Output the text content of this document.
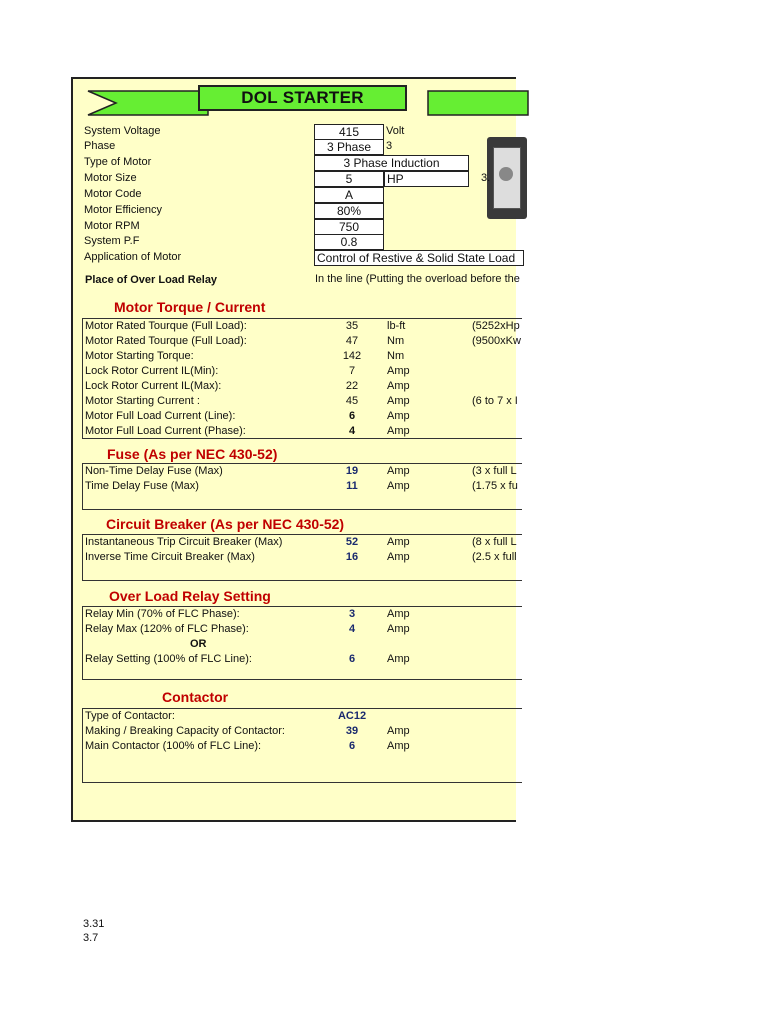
DOL STARTER
System Voltage	415	Volt
Phase	3 Phase	3
Type of Motor	3 Phase Induction
Motor Size	5	HP
Motor Code	A
Motor Efficiency	80%
Motor RPM	750
System P.F	0.8
Application of Motor	Control of Restive & Solid State Load
3.
Place of Over Load Relay	In the line (Putting the overload before the
Motor Torque / Current
Motor Rated Tourque (Full Load):	35	lb-ft	(5252xHp
Motor Rated Tourque (Full Load):	47	Nm	(9500xKw
Motor Starting Torque:	142	Nm
Lock Rotor Current IL(Min):	7	Amp
Lock Rotor Current IL(Max):	22	Amp
Motor Starting Current :	45	Amp	(6 to 7 x I
Motor Full Load Current (Line):	6	Amp
Motor Full Load Current (Phase):	4	Amp
Fuse (As per NEC 430-52)
Non-Time Delay Fuse (Max)	19	Amp	(3 x full L
Time Delay Fuse (Max)	11	Amp	(1.75 x fu
Circuit Breaker (As per NEC 430-52)
Instantaneous Trip Circuit Breaker (Max)	52	Amp	(8 x full L
Inverse Time Circuit Breaker (Max)	16	Amp	(2.5 x full
Over Load Relay Setting
Relay Min (70% of FLC Phase):	3	Amp
Relay Max (120% of FLC Phase):	4	Amp
OR
Relay Setting (100% of FLC Line):	6	Amp
Contactor
Type of Contactor:	AC12
Making / Breaking Capacity of Contactor:	39	Amp
Main Contactor (100% of FLC Line):	6	Amp
3.31
3.7
